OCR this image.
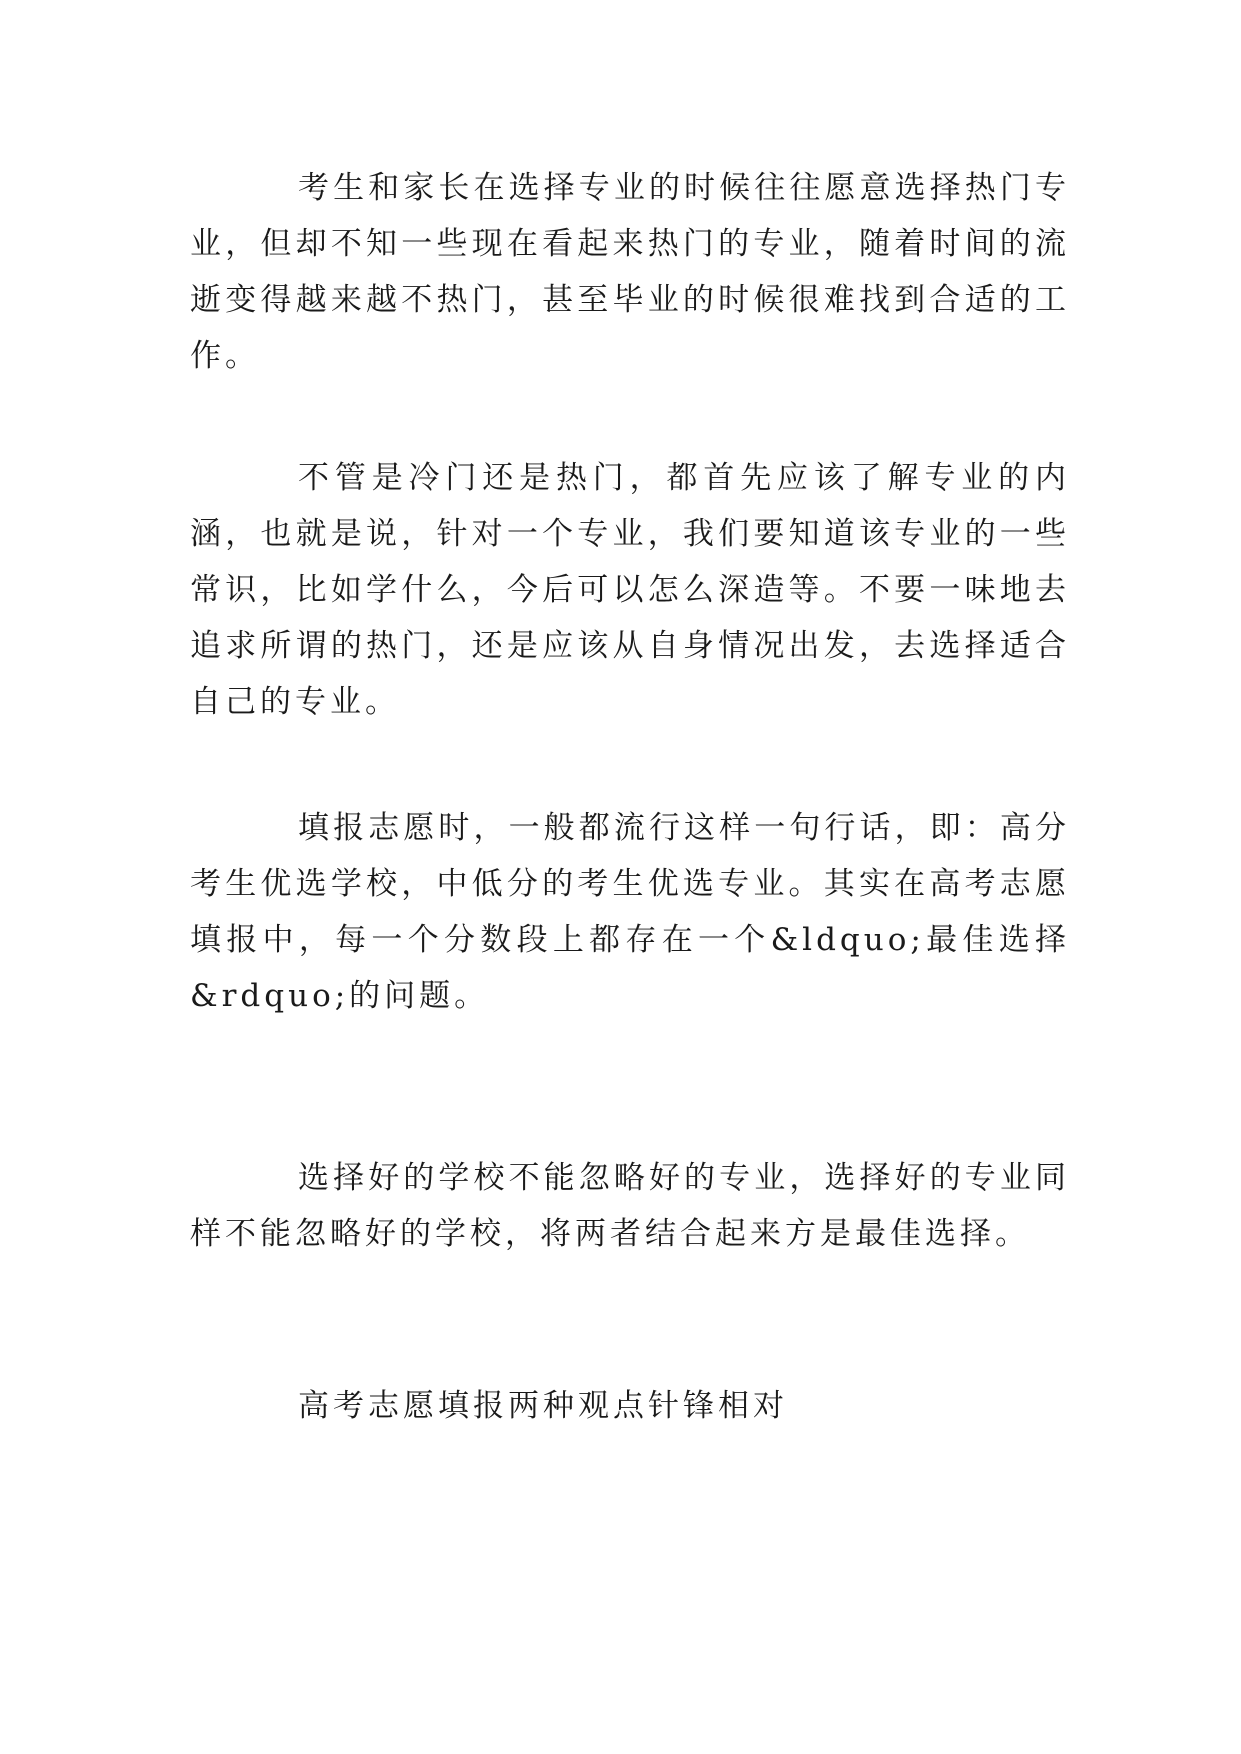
考生和家长在选择专业的时候往往愿意选择热门专业，但却不知一些现在看起来热门的专业，随着时间的流逝变得越来越不热门，甚至毕业的时候很难找到合适的工作。

不管是冷门还是热门，都首先应该了解专业的内涵，也就是说，针对一个专业，我们要知道该专业的一些常识，比如学什么，今后可以怎么深造等。不要一味地去追求所谓的热门，还是应该从自身情况出发，去选择适合自己的专业。

填报志愿时，一般都流行这样一句行话，即：高分考生优选学校，中低分的考生优选专业。其实在高考志愿填报中，每一个分数段上都存在一个&ldquo;最佳选择&rdquo;的问题。

选择好的学校不能忽略好的专业，选择好的专业同样不能忽略好的学校，将两者结合起来方是最佳选择。

高考志愿填报两种观点针锋相对
